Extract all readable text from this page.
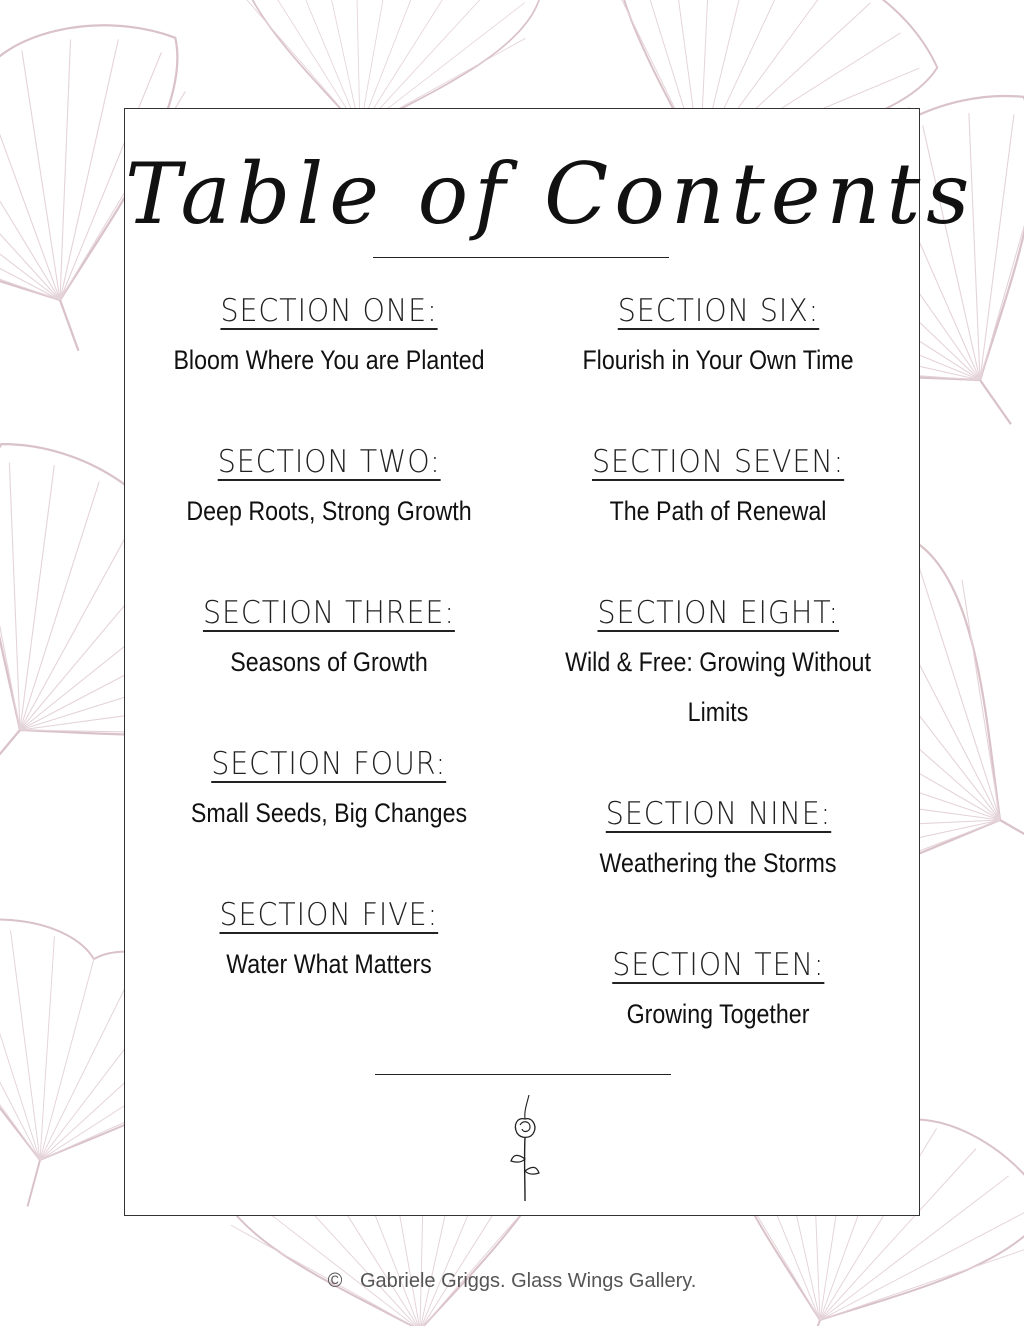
Table of Contents
SECTION ONE:
Bloom Where You are Planted
SECTION TWO:
Deep Roots, Strong Growth
SECTION THREE:
Seasons of Growth
SECTION FOUR:
Small Seeds, Big Changes
SECTION FIVE:
Water What Matters
SECTION SIX:
Flourish in Your Own Time
SECTION SEVEN:
The Path of Renewal
SECTION EIGHT:
Wild & Free: Growing Without
Limits
SECTION NINE:
Weathering the Storms
SECTION TEN:
Growing Together
© Gabriele Griggs. Glass Wings Gallery.
